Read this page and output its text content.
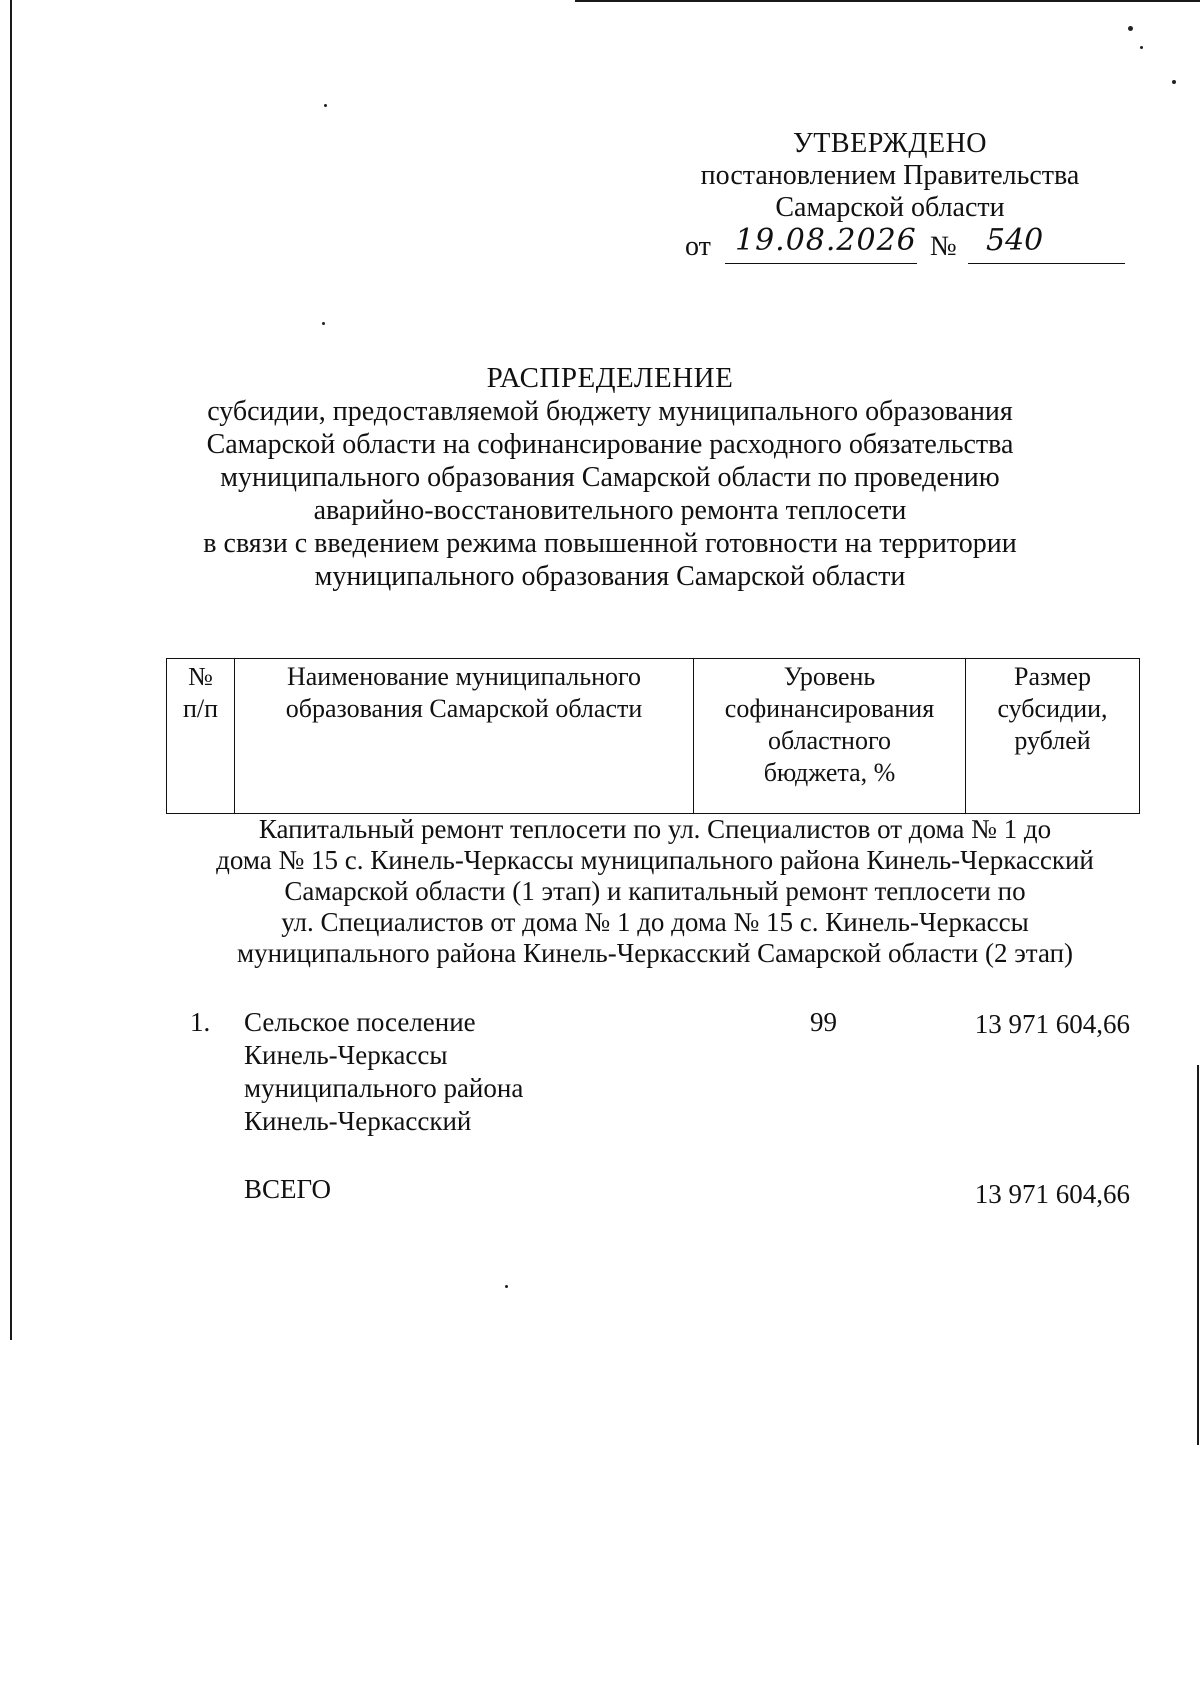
УТВЕРЖДЕНО
постановлением Правительства
Самарской области
от 19.08.2026 № 540
РАСПРЕДЕЛЕНИЕ
субсидии, предоставляемой бюджету муниципального образования
Самарской области на софинансирование расходного обязательства
муниципального образования Самарской области по проведению
аварийно-восстановительного ремонта теплосети
в связи с введением режима повышенной готовности на территории
муниципального образования Самарской области
№
п/п
Наименование муниципального
образования Самарской области
Уровень
софинансирования
областного
бюджета, %
Размер
субсидии,
рублей
Капитальный ремонт теплосети по ул. Специалистов от дома № 1 до
дома № 15 с. Кинель-Черкассы муниципального района Кинель-Черкасский
Самарской области (1 этап) и капитальный ремонт теплосети по
ул. Специалистов от дома № 1 до дома № 15 с. Кинель-Черкассы
муниципального района Кинель-Черкасский Самарской области (2 этап)
1. Сельское поселение
Кинель-Черкассы
муниципального района
Кинель-Черкасский
99	13 971 604,66
ВСЕГО	13 971 604,66
